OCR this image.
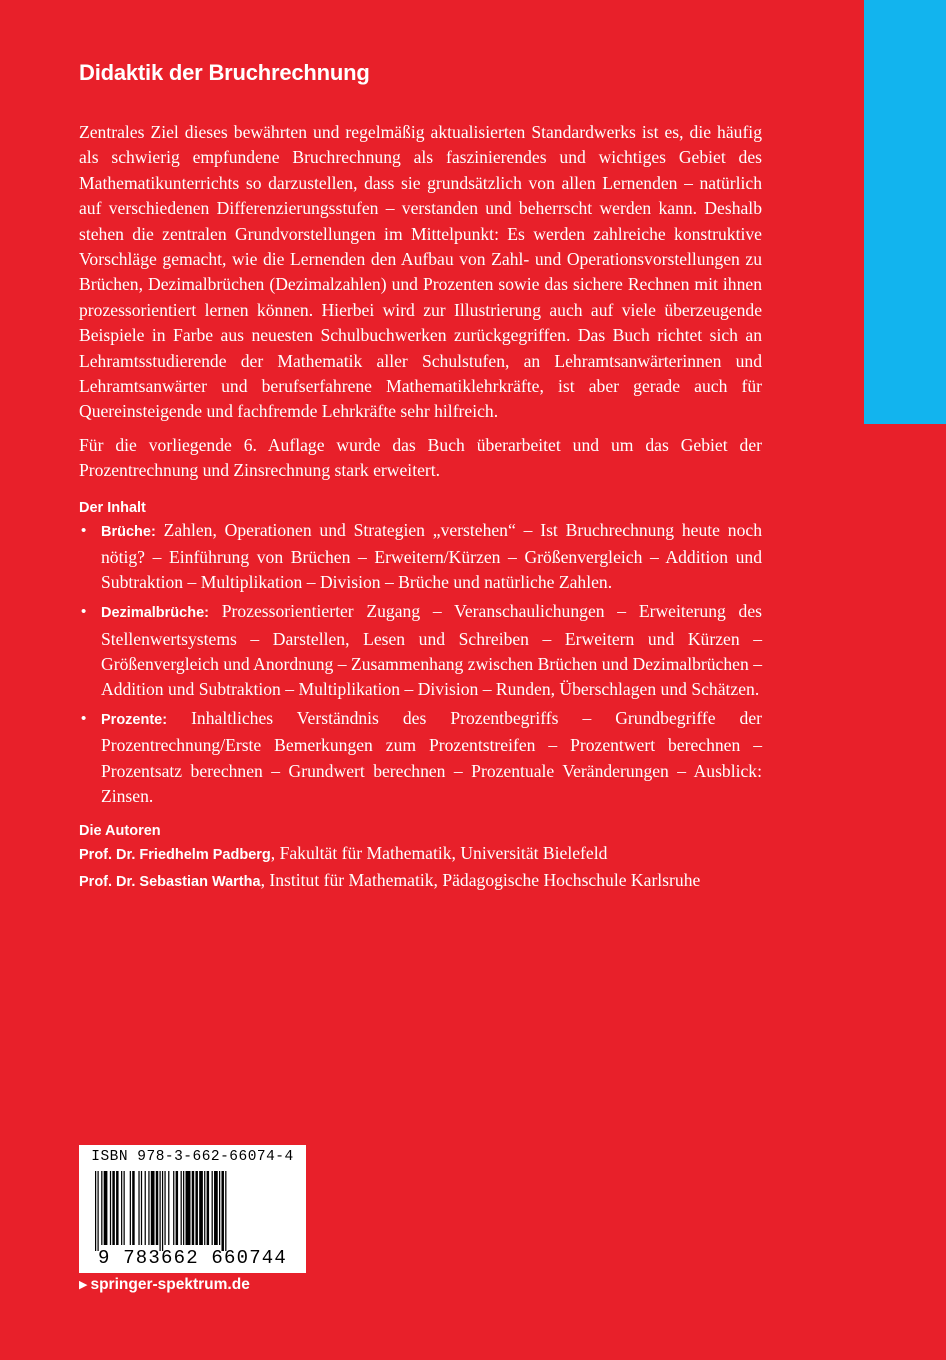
Didaktik der Bruchrechnung

Zentrales Ziel dieses bewährten und regelmäßig aktualisierten Standardwerks ist es, die häufig als schwierig empfundene Bruchrechnung als faszinierendes und wichtiges Gebiet des Mathematikunterrichts so darzustellen, dass sie grundsätzlich von allen Lernenden – natürlich auf verschiedenen Differenzierungsstufen – verstanden und beherrscht werden kann. Deshalb stehen die zentralen Grundvorstellungen im Mittelpunkt: Es werden zahlreiche konstruktive Vorschläge gemacht, wie die Lernenden den Aufbau von Zahl- und Operationsvorstellungen zu Brüchen, Dezimalbrüchen (Dezimalzahlen) und Prozenten sowie das sichere Rechnen mit ihnen prozessorientiert lernen können. Hierbei wird zur Illustrierung auch auf viele überzeugende Beispiele in Farbe aus neuesten Schulbuchwerken zurückgegriffen. Das Buch richtet sich an Lehramtsstudierende der Mathematik aller Schulstufen, an Lehramtsanwärterinnen und Lehramtsanwärter und berufserfahrene Mathematiklehrkräfte, ist aber gerade auch für Quereinsteigende und fachfremde Lehrkräfte sehr hilfreich.

Für die vorliegende 6. Auflage wurde das Buch überarbeitet und um das Gebiet der Prozentrechnung und Zinsrechnung stark erweitert.

Der Inhalt
• Brüche: Zahlen, Operationen und Strategien „verstehen“ – Ist Bruchrechnung heute noch nötig? – Einführung von Brüchen – Erweitern/Kürzen – Größenvergleich – Addition und Subtraktion – Multiplikation – Division – Brüche und natürliche Zahlen.
• Dezimalbrüche: Prozessorientierter Zugang – Veranschaulichungen – Erweiterung des Stellenwertsystems – Darstellen, Lesen und Schreiben – Erweitern und Kürzen – Größenvergleich und Anordnung – Zusammenhang zwischen Brüchen und Dezimalbrüchen – Addition und Subtraktion – Multiplikation – Division – Runden, Überschlagen und Schätzen.
• Prozente: Inhaltliches Verständnis des Prozentbegriffs – Grundbegriffe der Prozentrechnung/Erste Bemerkungen zum Prozentstreifen – Prozentwert berechnen – Prozentsatz berechnen – Grundwert berechnen – Prozentuale Veränderungen – Ausblick: Zinsen.
Die Autoren
Prof. Dr. Friedhelm Padberg, Fakultät für Mathematik, Universität Bielefeld
Prof. Dr. Sebastian Wartha, Institut für Mathematik, Pädagogische Hochschule Karlsruhe
ISBN 978-3-662-66074-4
9 783662 660744
▶ springer-spektrum.de
